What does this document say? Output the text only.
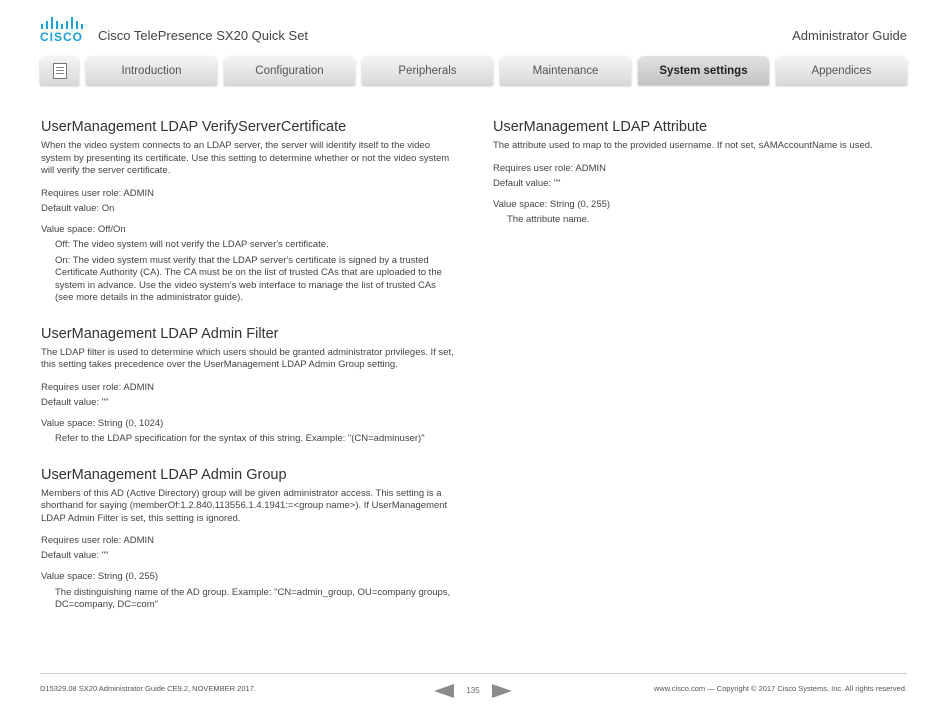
CISCO Cisco TelePresence SX20 Quick Set	Administrator Guide
Introduction	Configuration	Peripherals	Maintenance	System settings	Appendices
UserManagement LDAP VerifyServerCertificate

When the video system connects to an LDAP server, the server will identify itself to the video system by presenting its certificate. Use this setting to determine whether or not the video system will verify the server certificate.

Requires user role: ADMIN
Default value: On
Value space: Off/On
Off: The video system will not verify the LDAP server's certificate.
On: The video system must verify that the LDAP server's certificate is signed by a trusted Certificate Authority (CA). The CA must be on the list of trusted CAs that are uploaded to the system in advance. Use the video system's web interface to manage the list of trusted CAs (see more details in the administrator guide).
UserManagement LDAP Admin Filter

The LDAP filter is used to determine which users should be granted administrator privileges. If set, this setting takes precedence over the UserManagement LDAP Admin Group setting.

Requires user role: ADMIN
Default value: ""
Value space: String (0, 1024)
Refer to the LDAP specification for the syntax of this string. Example: "(CN=adminuser)"
UserManagement LDAP Admin Group

Members of this AD (Active Directory) group will be given administrator access. This setting is a shorthand for saying (memberOf:1.2.840.113556.1.4.1941:=<group name>). If UserManagement LDAP Admin Filter is set, this setting is ignored.

Requires user role: ADMIN
Default value: ""
Value space: String (0, 255)
The distinguishing name of the AD group. Example: "CN=admin_group, OU=company groups, DC=company, DC=com"
UserManagement LDAP Attribute

The attribute used to map to the provided username. If not set, sAMAccountName is used.

Requires user role: ADMIN
Default value: ""
Value space: String (0, 255)
The attribute name.
D15329.08 SX20 Administrator Guide CE9.2, NOVEMBER 2017.	135	www.cisco.com — Copyright © 2017 Cisco Systems, Inc. All rights reserved.
